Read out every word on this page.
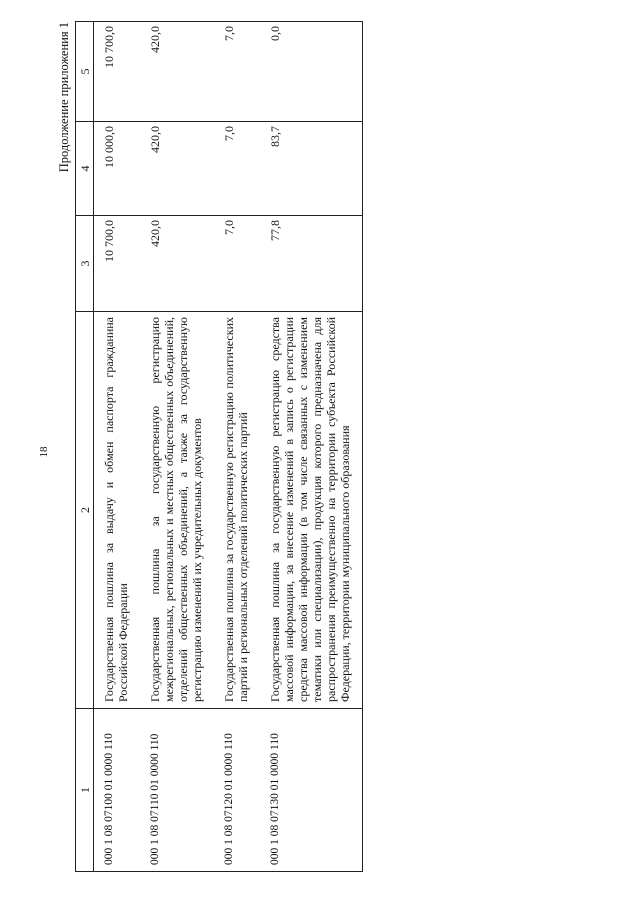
18
Продолжение приложения 1
1	2	3	4	5
000 1 08 07100 01 0000 110	Государственная пошлина за выдачу и обмен паспорта гражданина Российской Федерации	10 700,0	10 000,0	10 700,0
000 1 08 07110 01 0000 110	Государственная пошлина за государственную регистрацию межрегиональных, региональных и местных общественных объединений, отделений общественных объединений, а также за государственную регистрацию изменений их учредительных документов	420,0	420,0	420,0
000 1 08 07120 01 0000 110	Государственная пошлина за государственную регистрацию политических партий и региональных отделений политических партий	7,0	7,0	7,0
000 1 08 07130 01 0000 110	Государственная пошлина за государственную регистрацию средства массовой информации, за внесение изменений в запись о регистрации средства массовой информации (в том числе связанных с изменением тематики или специализации), продукция которого предназначена для распространения преимущественно на территории субъекта Российской Федерации, территории муниципального образования	77,8	83,7	0,0
